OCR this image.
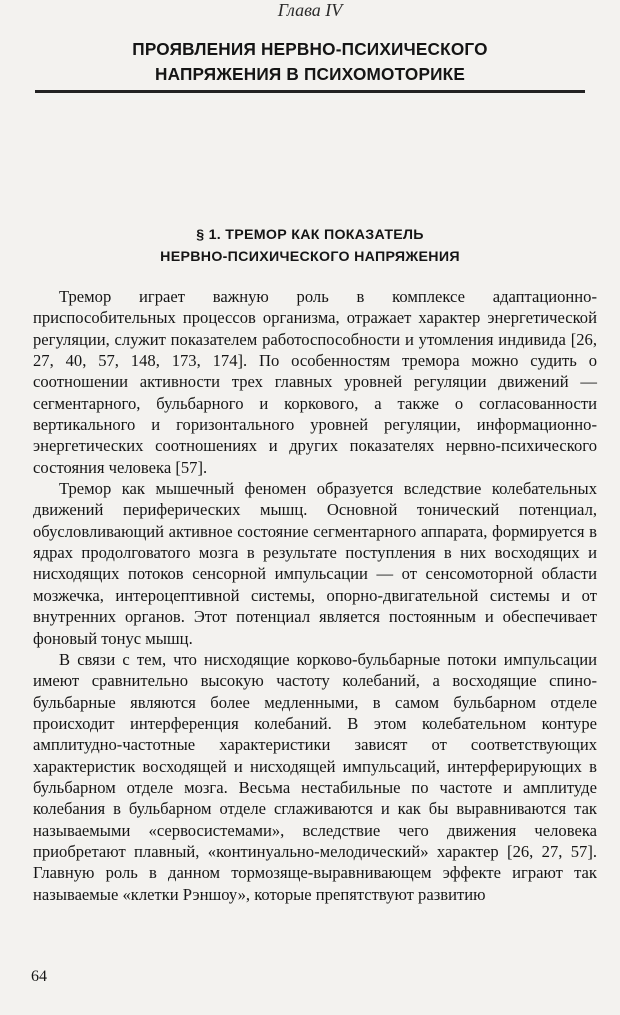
Глава IV

ПРОЯВЛЕНИЯ НЕРВНО-ПСИХИЧЕСКОГО
НАПРЯЖЕНИЯ В ПСИХОМОТОРИКЕ
§ 1. ТРЕМОР КАК ПОКАЗАТЕЛЬ
НЕРВНО-ПСИХИЧЕСКОГО НАПРЯЖЕНИЯ

Тремор играет важную роль в комплексе адаптационно-приспособительных процессов организма, отражает характер энергетической регуляции, служит показателем работоспособности и утомления индивида [26, 27, 40, 57, 148, 173, 174]. По особенностям тремора можно судить о соотношении активности трех главных уровней регуляции движений — сегментарного, бульбарного и коркового, а также о согласованности вертикального и горизонтального уровней регуляции, информационно-энергетических соотношениях и других показателях нервно-психического состояния человека [57].

Тремор как мышечный феномен образуется вследствие колебательных движений периферических мышц. Основной тонический потенциал, обусловливающий активное состояние сегментарного аппарата, формируется в ядрах продолговатого мозга в результате поступления в них восходящих и нисходящих потоков сенсорной импульсации — от сенсомоторной области мозжечка, интероцептивной системы, опорно-двигательной системы и от внутренних органов. Этот потенциал является постоянным и обеспечивает фоновый тонус мышц.

В связи с тем, что нисходящие корково-бульбарные потоки импульсации имеют сравнительно высокую частоту колебаний, а восходящие спино-бульбарные являются более медленными, в самом бульбарном отделе происходит интерференция колебаний. В этом колебательном контуре амплитудно-частотные характеристики зависят от соответствующих характеристик восходящей и нисходящей импульсаций, интерферирующих в бульбарном отделе мозга. Весьма нестабильные по частоте и амплитуде колебания в бульбарном отделе сглаживаются и как бы выравниваются так называемыми «сервосистемами», вследствие чего движения человека приобретают плавный, «континуально-мелодический» характер [26, 27, 57]. Главную роль в данном тормозяще-выравнивающем эффекте играют так называемые «клетки Рэншоу», которые препятствуют развитию

64
